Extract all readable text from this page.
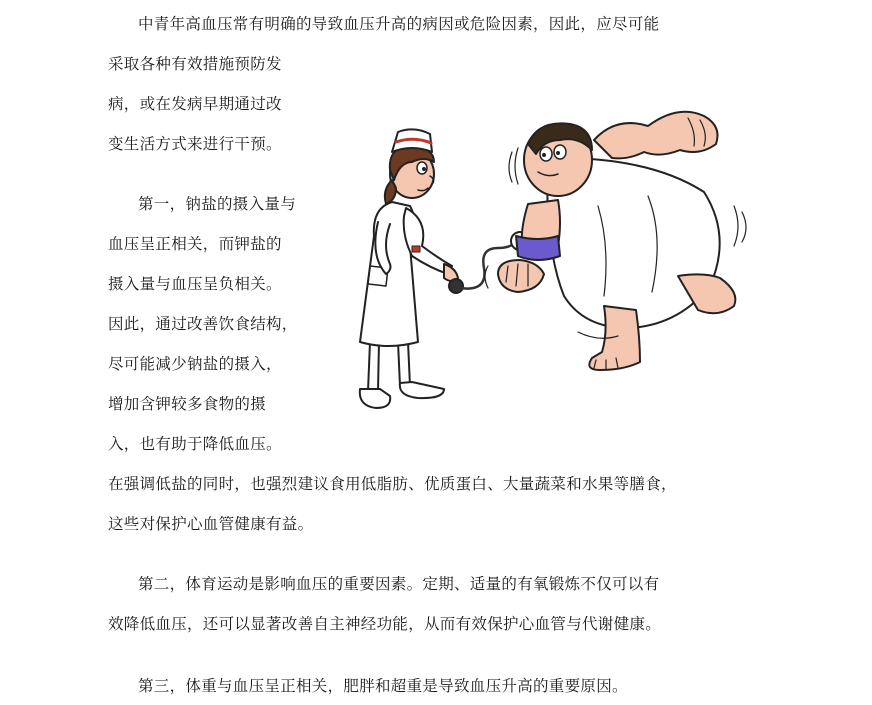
中青年高血压常有明确的导致血压升高的病因或危险因素，因此，应尽可能
采取各种有效措施预防发
病，或在发病早期通过改
变生活方式来进行干预。
第一，钠盐的摄入量与
血压呈正相关，而钾盐的
摄入量与血压呈负相关。
因此，通过改善饮食结构，
尽可能减少钠盐的摄入，
增加含钾较多食物的摄
入，也有助于降低血压。
在强调低盐的同时，也强烈建议食用低脂肪、优质蛋白、大量蔬菜和水果等膳食，
这些对保护心血管健康有益。
第二，体育运动是影响血压的重要因素。定期、适量的有氧锻炼不仅可以有
效降低血压，还可以显著改善自主神经功能，从而有效保护心血管与代谢健康。
第三，体重与血压呈正相关，肥胖和超重是导致血压升高的重要原因。
